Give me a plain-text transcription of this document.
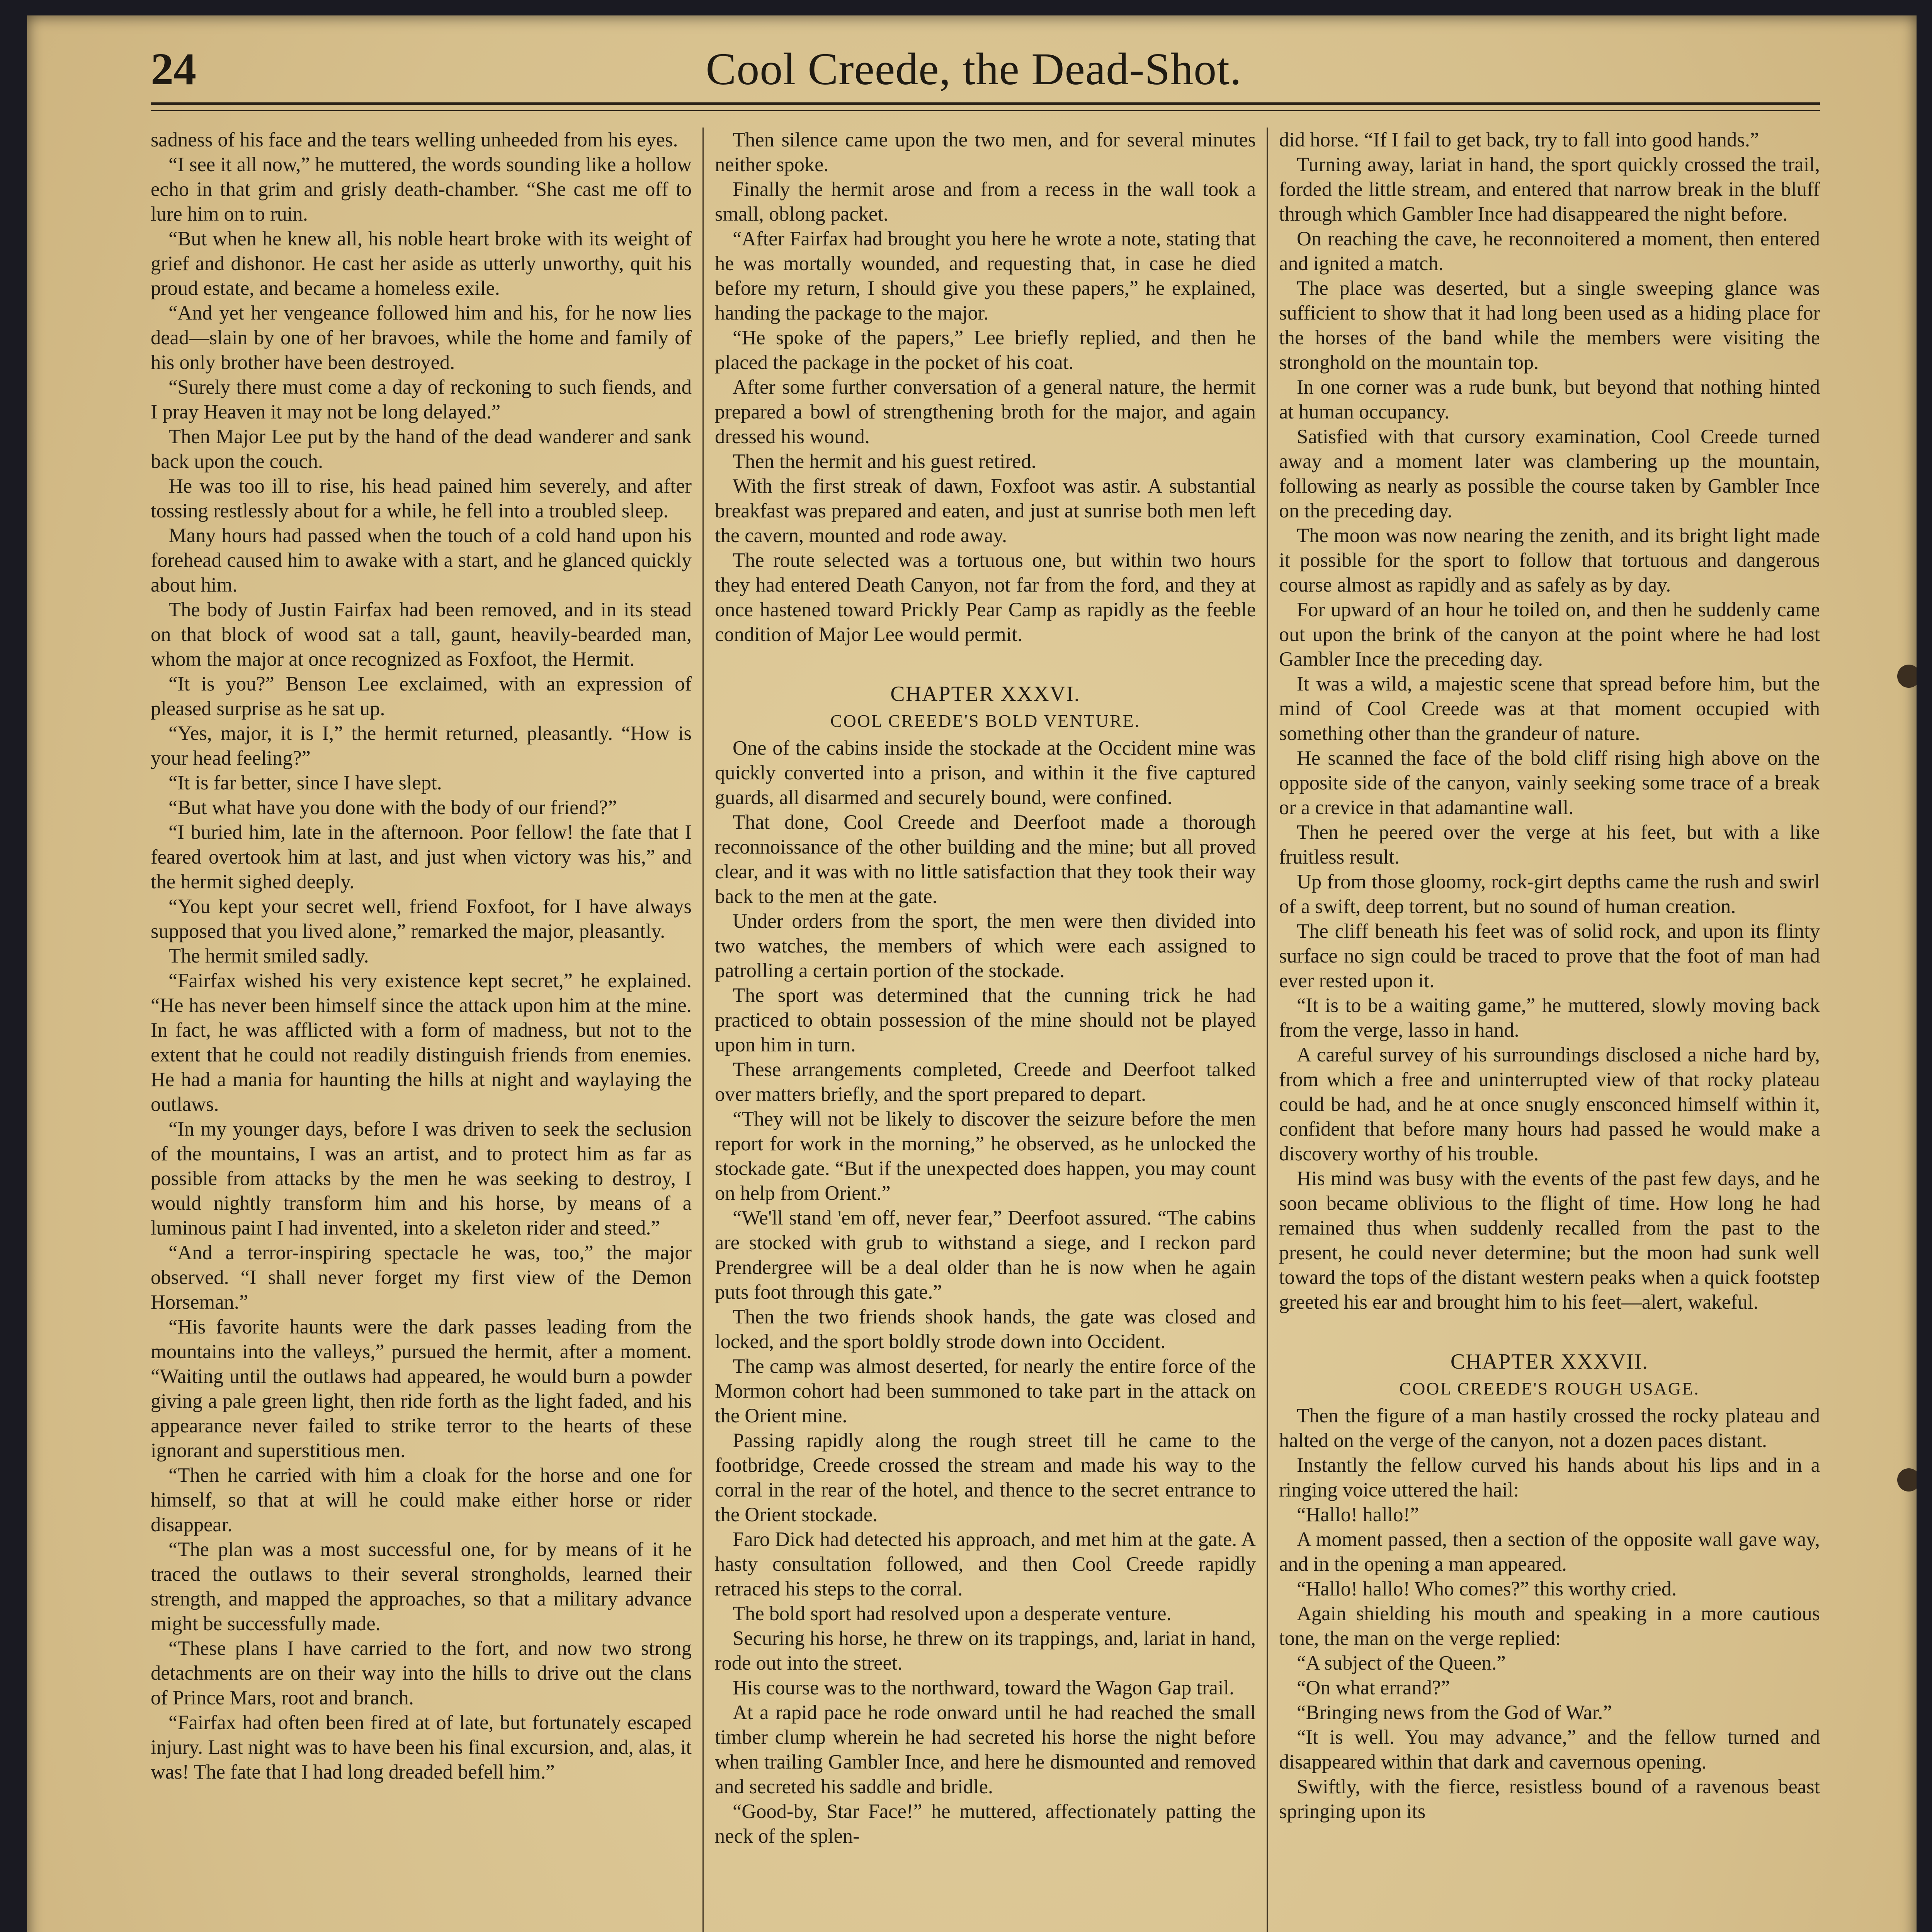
24	Cool Creede, the Dead-Shot.

sadness of his face and the tears welling unheeded from his eyes.

“I see it all now,” he muttered, the words sounding like a hollow echo in that grim and grisly death-chamber. “She cast me off to lure him on to ruin.

“But when he knew all, his noble heart broke with its weight of grief and dishonor. He cast her aside as utterly unworthy, quit his proud estate, and became a homeless exile.

“And yet her vengeance followed him and his, for he now lies dead—slain by one of her bravoes, while the home and family of his only brother have been destroyed.

“Surely there must come a day of reckoning to such fiends, and I pray Heaven it may not be long delayed.”

Then Major Lee put by the hand of the dead wanderer and sank back upon the couch.

He was too ill to rise, his head pained him severely, and after tossing restlessly about for a while, he fell into a troubled sleep.

Many hours had passed when the touch of a cold hand upon his forehead caused him to awake with a start, and he glanced quickly about him.

The body of Justin Fairfax had been removed, and in its stead on that block of wood sat a tall, gaunt, heavily-bearded man, whom the major at once recognized as Foxfoot, the Hermit.

“It is you?” Benson Lee exclaimed, with an expression of pleased surprise as he sat up.

“Yes, major, it is I,” the hermit returned, pleasantly. “How is your head feeling?”

“It is far better, since I have slept.

“But what have you done with the body of our friend?”

“I buried him, late in the afternoon. Poor fellow! the fate that I feared overtook him at last, and just when victory was his,” and the hermit sighed deeply.

“You kept your secret well, friend Foxfoot, for I have always supposed that you lived alone,” remarked the major, pleasantly.

The hermit smiled sadly.

“Fairfax wished his very existence kept secret,” he explained. “He has never been himself since the attack upon him at the mine. In fact, he was afflicted with a form of madness, but not to the extent that he could not readily distinguish friends from enemies. He had a mania for haunting the hills at night and waylaying the outlaws.

“In my younger days, before I was driven to seek the seclusion of the mountains, I was an artist, and to protect him as far as possible from attacks by the men he was seeking to destroy, I would nightly transform him and his horse, by means of a luminous paint I had invented, into a skeleton rider and steed.”

“And a terror-inspiring spectacle he was, too,” the major observed. “I shall never forget my first view of the Demon Horseman.”

“His favorite haunts were the dark passes leading from the mountains into the valleys,” pursued the hermit, after a moment. “Waiting until the outlaws had appeared, he would burn a powder giving a pale green light, then ride forth as the light faded, and his appearance never failed to strike terror to the hearts of these ignorant and superstitious men.

“Then he carried with him a cloak for the horse and one for himself, so that at will he could make either horse or rider disappear.

“The plan was a most successful one, for by means of it he traced the outlaws to their several strongholds, learned their strength, and mapped the approaches, so that a military advance might be successfully made.

“These plans I have carried to the fort, and now two strong detachments are on their way into the hills to drive out the clans of Prince Mars, root and branch.

“Fairfax had often been fired at of late, but fortunately escaped injury. Last night was to have been his final excursion, and, alas, it was! The fate that I had long dreaded befell him.”

Then silence came upon the two men, and for several minutes neither spoke.

Finally the hermit arose and from a recess in the wall took a small, oblong packet.

“After Fairfax had brought you here he wrote a note, stating that he was mortally wounded, and requesting that, in case he died before my return, I should give you these papers,” he explained, handing the package to the major.

“He spoke of the papers,” Lee briefly replied, and then he placed the package in the pocket of his coat.

After some further conversation of a general nature, the hermit prepared a bowl of strengthening broth for the major, and again dressed his wound.

Then the hermit and his guest retired.

With the first streak of dawn, Foxfoot was astir. A substantial breakfast was prepared and eaten, and just at sunrise both men left the cavern, mounted and rode away.

The route selected was a tortuous one, but within two hours they had entered Death Canyon, not far from the ford, and they at once hastened toward Prickly Pear Camp as rapidly as the feeble condition of Major Lee would permit.

CHAPTER XXXVI.
COOL CREEDE'S BOLD VENTURE.

One of the cabins inside the stockade at the Occident mine was quickly converted into a prison, and within it the five captured guards, all disarmed and securely bound, were confined.

That done, Cool Creede and Deerfoot made a thorough reconnoissance of the other building and the mine; but all proved clear, and it was with no little satisfaction that they took their way back to the men at the gate.

Under orders from the sport, the men were then divided into two watches, the members of which were each assigned to patrolling a certain portion of the stockade.

The sport was determined that the cunning trick he had practiced to obtain possession of the mine should not be played upon him in turn.

These arrangements completed, Creede and Deerfoot talked over matters briefly, and the sport prepared to depart.

“They will not be likely to discover the seizure before the men report for work in the morning,” he observed, as he unlocked the stockade gate. “But if the unexpected does happen, you may count on help from Orient.”

“We'll stand 'em off, never fear,” Deerfoot assured. “The cabins are stocked with grub to withstand a siege, and I reckon pard Prendergree will be a deal older than he is now when he again puts foot through this gate.”

Then the two friends shook hands, the gate was closed and locked, and the sport boldly strode down into Occident.

The camp was almost deserted, for nearly the entire force of the Mormon cohort had been summoned to take part in the attack on the Orient mine.

Passing rapidly along the rough street till he came to the footbridge, Creede crossed the stream and made his way to the corral in the rear of the hotel, and thence to the secret entrance to the Orient stockade.

Faro Dick had detected his approach, and met him at the gate. A hasty consultation followed, and then Cool Creede rapidly retraced his steps to the corral.

The bold sport had resolved upon a desperate venture.

Securing his horse, he threw on its trappings, and, lariat in hand, rode out into the street.

His course was to the northward, toward the Wagon Gap trail.

At a rapid pace he rode onward until he had reached the small timber clump wherein he had secreted his horse the night before when trailing Gambler Ince, and here he dismounted and removed and secreted his saddle and bridle.

“Good-by, Star Face!” he muttered, affectionately patting the neck of the splen-

did horse. “If I fail to get back, try to fall into good hands.”

Turning away, lariat in hand, the sport quickly crossed the trail, forded the little stream, and entered that narrow break in the bluff through which Gambler Ince had disappeared the night before.

On reaching the cave, he reconnoitered a moment, then entered and ignited a match.

The place was deserted, but a single sweeping glance was sufficient to show that it had long been used as a hiding place for the horses of the band while the members were visiting the stronghold on the mountain top.

In one corner was a rude bunk, but beyond that nothing hinted at human occupancy.

Satisfied with that cursory examination, Cool Creede turned away and a moment later was clambering up the mountain, following as nearly as possible the course taken by Gambler Ince on the preceding day.

The moon was now nearing the zenith, and its bright light made it possible for the sport to follow that tortuous and dangerous course almost as rapidly and as safely as by day.

For upward of an hour he toiled on, and then he suddenly came out upon the brink of the canyon at the point where he had lost Gambler Ince the preceding day.

It was a wild, a majestic scene that spread before him, but the mind of Cool Creede was at that moment occupied with something other than the grandeur of nature.

He scanned the face of the bold cliff rising high above on the opposite side of the canyon, vainly seeking some trace of a break or a crevice in that adamantine wall.

Then he peered over the verge at his feet, but with a like fruitless result.

Up from those gloomy, rock-girt depths came the rush and swirl of a swift, deep torrent, but no sound of human creation.

The cliff beneath his feet was of solid rock, and upon its flinty surface no sign could be traced to prove that the foot of man had ever rested upon it.

“It is to be a waiting game,” he muttered, slowly moving back from the verge, lasso in hand.

A careful survey of his surroundings disclosed a niche hard by, from which a free and uninterrupted view of that rocky plateau could be had, and he at once snugly ensconced himself within it, confident that before many hours had passed he would make a discovery worthy of his trouble.

His mind was busy with the events of the past few days, and he soon became oblivious to the flight of time. How long he had remained thus when suddenly recalled from the past to the present, he could never determine; but the moon had sunk well toward the tops of the distant western peaks when a quick footstep greeted his ear and brought him to his feet—alert, wakeful.

CHAPTER XXXVII.
COOL CREEDE'S ROUGH USAGE.

Then the figure of a man hastily crossed the rocky plateau and halted on the verge of the canyon, not a dozen paces distant.

Instantly the fellow curved his hands about his lips and in a ringing voice uttered the hail:

“Hallo! hallo!”

A moment passed, then a section of the opposite wall gave way, and in the opening a man appeared.

“Hallo! hallo! Who comes?” this worthy cried.

Again shielding his mouth and speaking in a more cautious tone, the man on the verge replied:

“A subject of the Queen.”

“On what errand?”

“Bringing news from the God of War.”

“It is well. You may advance,” and the fellow turned and disappeared within that dark and cavernous opening.

Swiftly, with the fierce, resistless bound of a ravenous beast springing upon its
